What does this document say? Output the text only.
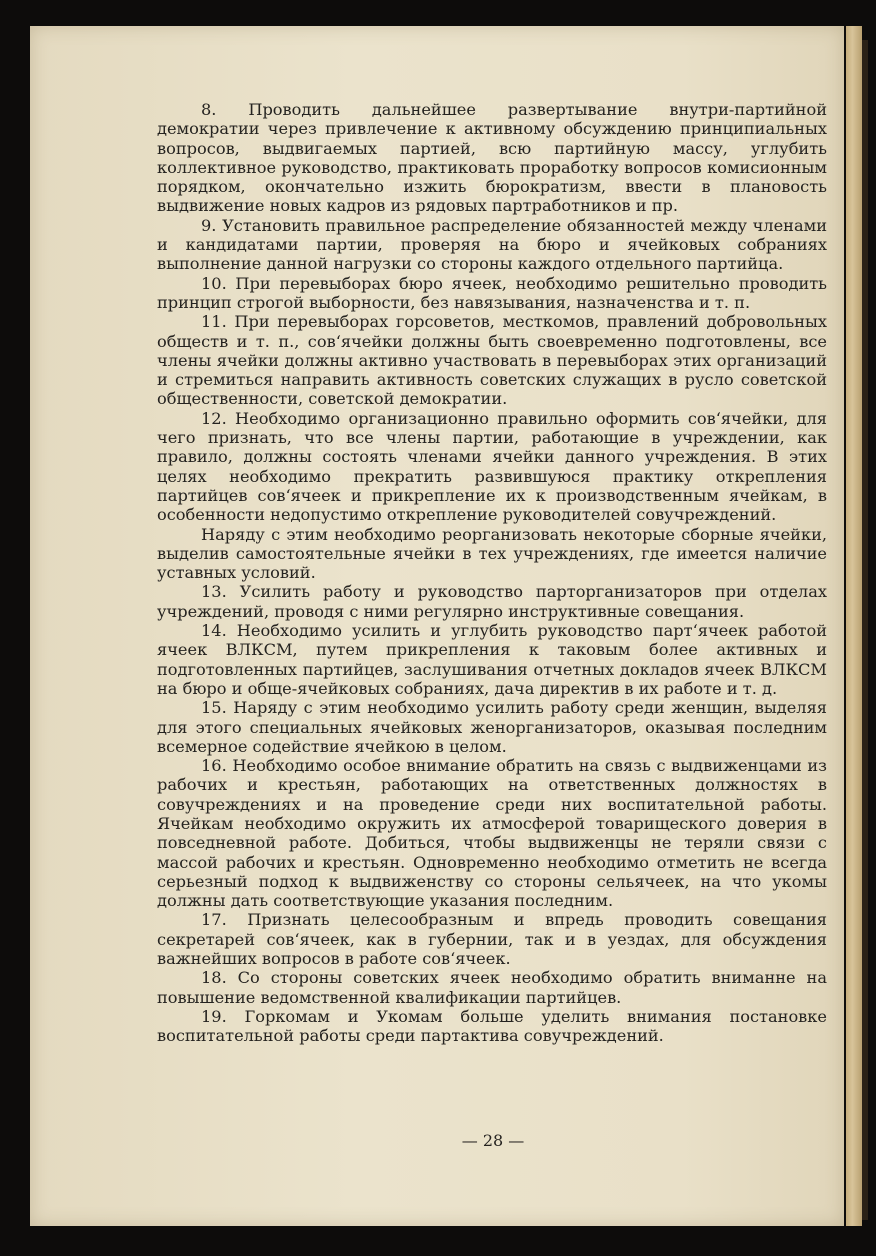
8. Проводить дальнейшее развертывание внутри-партийной демократии через привлечение к активному обсуждению принципиальных вопросов, выдвигаемых партией, всю партийную массу, углубить коллективное руководство, практиковать проработку вопросов комисионным порядком, окончательно изжить бюрократизм, ввести в плановость выдвижение новых кадров из рядовых партработников и пр.

9. Установить правильное распределение обязанностей между членами и кандидатами партии, проверяя на бюро и ячейковых собраниях выполнение данной нагрузки со стороны каждого отдельного партийца.

10. При перевыборах бюро ячеек, необходимо решительно проводить принцип строгой выборности, без навязывания, назначенства и т. п.

11. При перевыборах горсоветов, месткомов, правлений добровольных обществ и т. п., сов‘ячейки должны быть своевременно подготовлены, все члены ячейки должны активно участвовать в перевыборах этих организаций и стремиться направить активность советских служащих в русло советской общественности, советской демократии.

12. Необходимо организационно правильно оформить сов‘ячейки, для чего признать, что все члены партии, работающие в учреждении, как правило, должны состоять членами ячейки данного учреждения. В этих целях необходимо прекратить развившуюся практику открепления партийцев сов‘ячеек и прикрепление их к производственным ячейкам, в особенности недопустимо открепление руководителей совучреждений.

Наряду с этим необходимо реорганизовать некоторые сборные ячейки, выделив самостоятельные ячейки в тех учреждениях, где имеется наличие уставных условий.

13. Усилить работу и руководство парторганизаторов при отделах учреждений, проводя с ними регулярно инструктивные совещания.

14. Необходимо усилить и углубить руководство парт‘ячеек работой ячеек ВЛКСМ, путем прикрепления к таковым более активных и подготовленных партийцев, заслушивания отчетных докладов ячеек ВЛКСМ на бюро и обще-ячейковых собраниях, дача директив в их работе и т. д.

15. Наряду с этим необходимо усилить работу среди женщин, выделяя для этого специальных ячейковых женорганизаторов, оказывая последним всемерное содействие ячейкою в целом.

16. Необходимо особое внимание обратить на связь с выдвиженцами из рабочих и крестьян, работающих на ответственных должностях в совучреждениях и на проведение среди них воспитательной работы. Ячейкам необходимо окружить их атмосферой товарищеского доверия в повседневной работе. Добиться, чтобы выдвиженцы не теряли связи с массой рабочих и крестьян. Одновременно необходимо отметить не всегда серьезный подход к выдвиженству со стороны сельячеек, на что укомы должны дать соответствующие указания последним.

17. Признать целесообразным и впредь проводить совещания секретарей сов‘ячеек, как в губернии, так и в уездах, для обсуждения важнейших вопросов в работе сов‘ячеек.

18. Со стороны советских ячеек необходимо обратить вниманне на повышение ведомственной квалификации партийцев.

19. Горкомам и Укомам больше уделить внимания постановке воспитательной работы среди партактива совучреждений.

— 28 —
